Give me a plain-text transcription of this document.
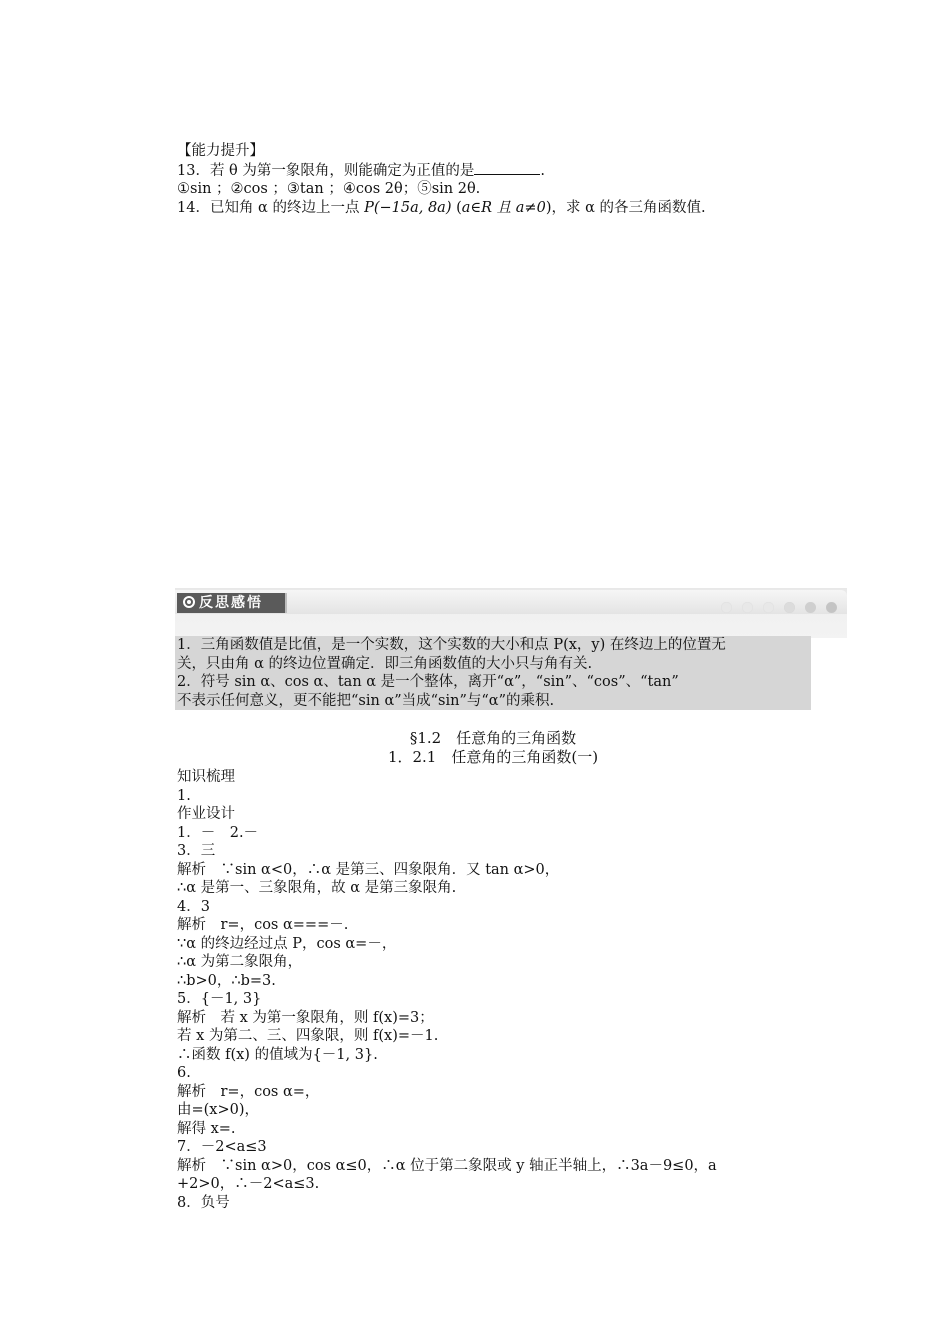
【能力提升】
13．若 θ 为第一象限角，则能确定为正值的是	.
①sin ；②cos ；③tan ；④cos 2θ；⑤sin 2θ.
14．已知角 α 的终边上一点 P(−15a, 8a) (a∈R 且 a≠0)，求 α 的各三角函数值.
反思感悟
1．三角函数值是比值，是一个实数，这个实数的大小和点 P(x，y) 在终边上的位置无
关，只由角 α 的终边位置确定．即三角函数值的大小只与角有关.
2．符号 sin α、cos α、tan α 是一个整体，离开“α”，“sin”、“cos”、“tan”
不表示任何意义，更不能把“sin α”当成“sin”与“α”的乘积.
§1.2　任意角的三角函数
1．2.1　任意角的三角函数(一)
知识梳理
1.
作业设计
1．－　2.－
3．三
解析　∵sin α<0，∴α 是第三、四象限角．又 tan α>0，
∴α 是第一、三象限角，故 α 是第三象限角.
4．3
解析　r=，cos α===－.
∵α 的终边经过点 P，cos α=－，
∴α 为第二象限角，
∴b>0，∴b=3.
5．{－1, 3}
解析　若 x 为第一象限角，则 f(x)=3；
若 x 为第二、三、四象限，则 f(x)=－1.
∴函数 f(x) 的值域为{－1, 3}.
6.
解析　r=，cos α=，
由=(x>0)，
解得 x=.
7．－2<a≤3
解析　∵sin α>0，cos α≤0，∴α 位于第二象限或 y 轴正半轴上，∴3a－9≤0，a
+2>0，∴－2<a≤3.
8．负号
